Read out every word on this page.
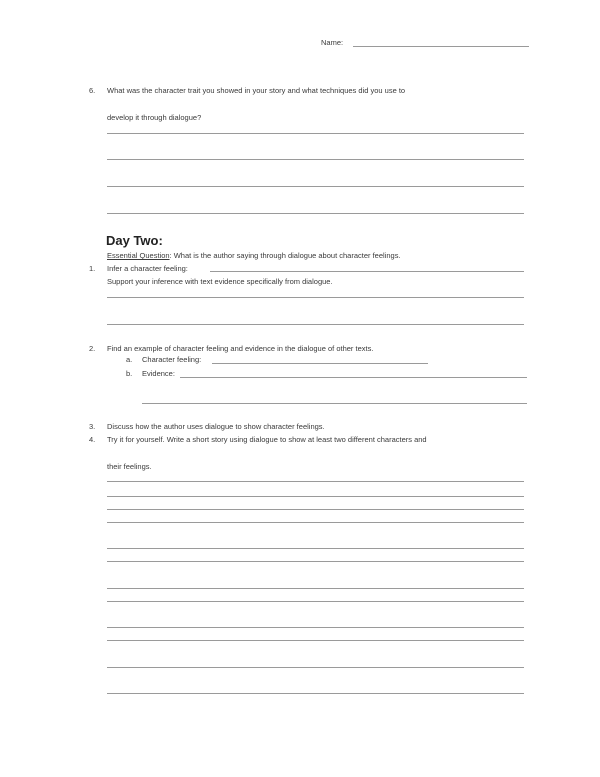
Name:
6. What was the character trait you showed in your story and what techniques did you use to
develop it through dialogue?
Day Two:
Essential Question: What is the author saying through dialogue about character feelings.
1. Infer a character feeling:
Support your inference with text evidence specifically from dialogue.
2. Find an example of character feeling and evidence in the dialogue of other texts.
a. Character feeling:
b. Evidence:
3. Discuss how the author uses dialogue to show character feelings.
4. Try it for yourself. Write a short story using dialogue to show at least two different characters and
their feelings.
